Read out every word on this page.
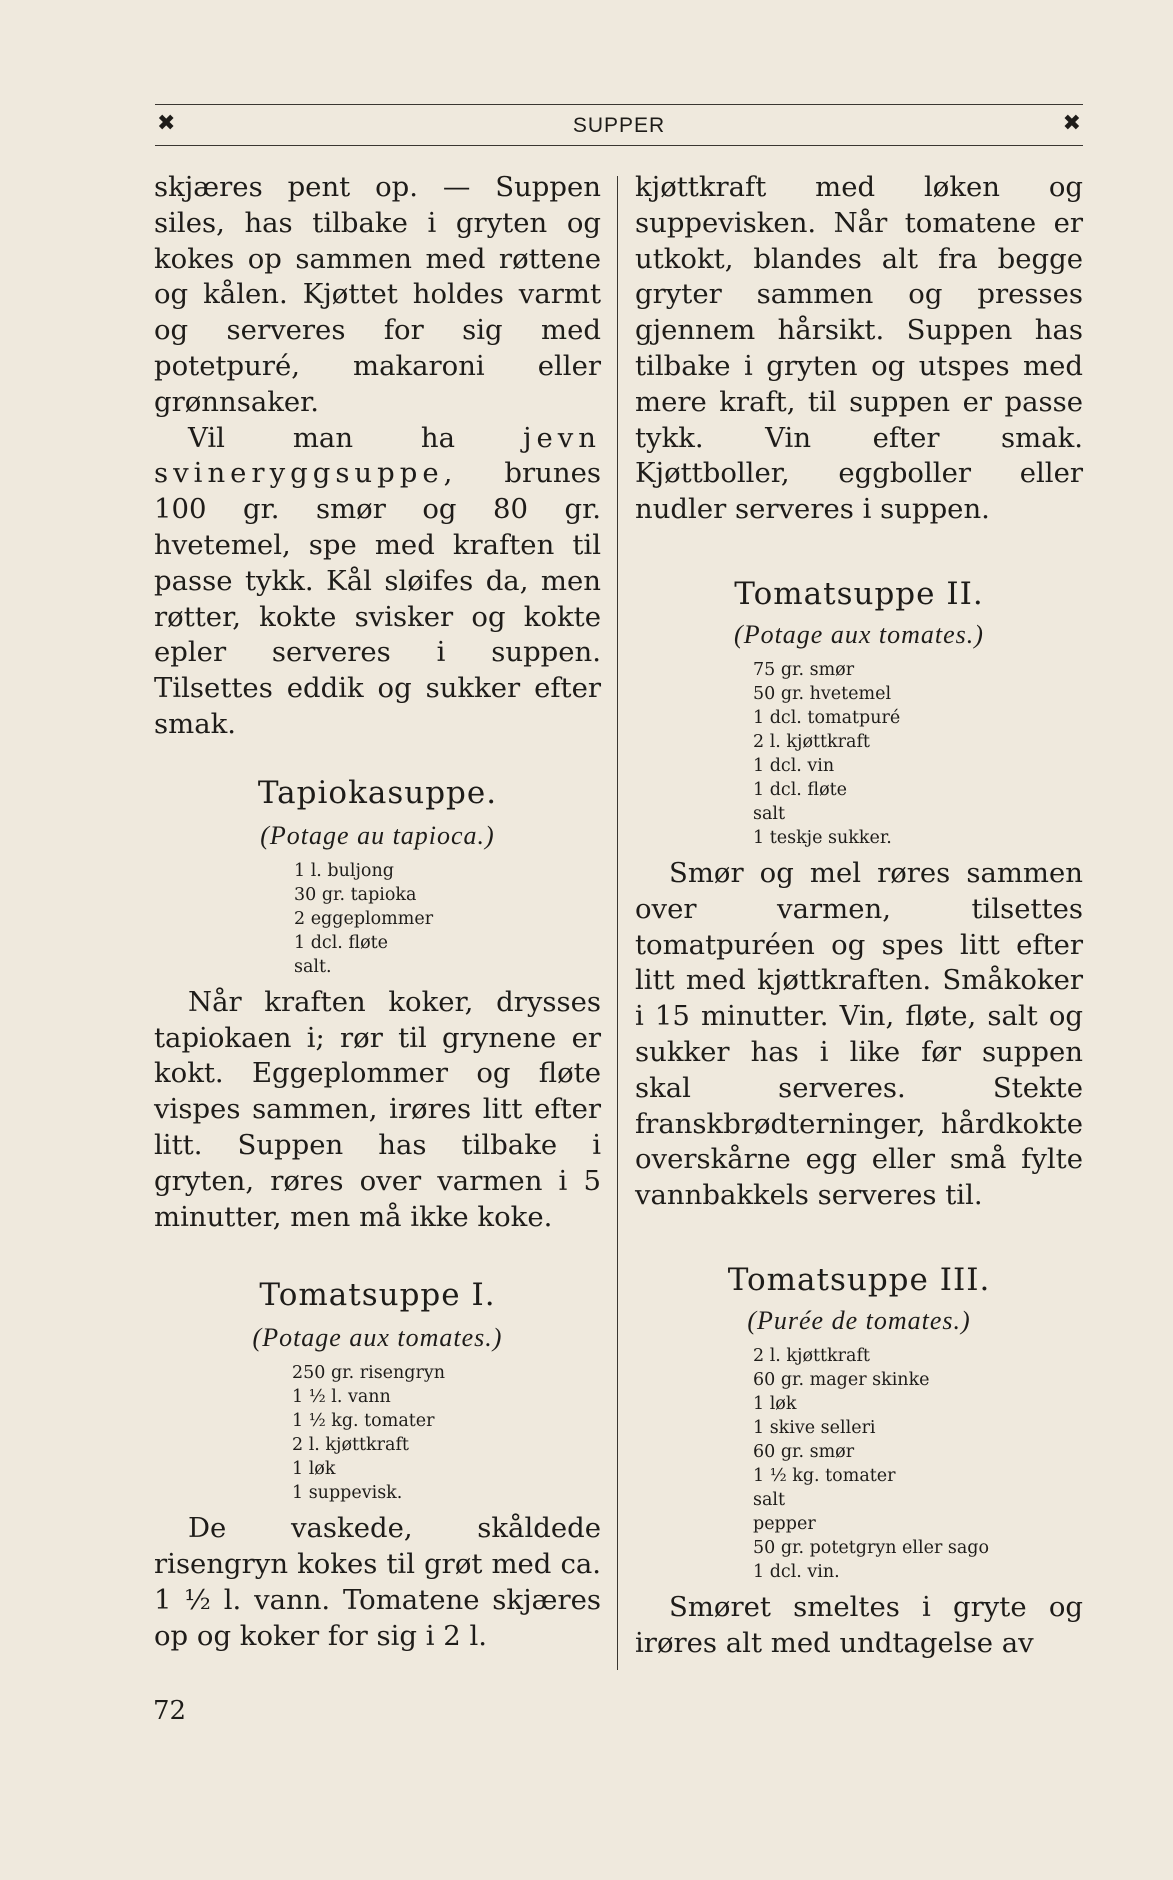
✖	SUPPER	✖

skjæres pent op. — Suppen siles, has tilbake i gryten og kokes op sammen med røttene og kålen. Kjøttet holdes varmt og serveres for sig med potetpuré, makaroni eller grønnsaker.

Vil man ha jevn svineryggsuppe, brunes 100 gr. smør og 80 gr. hvetemel, spe med kraften til passe tykk. Kål sløifes da, men røtter, kokte svisker og kokte epler serveres i suppen. Tilsettes eddik og sukker efter smak.

Tapiokasuppe.
(Potage au tapioca.)
1 l. buljong
30 gr. tapioka
2 eggeplommer
1 dcl. fløte
salt.

Når kraften koker, drysses tapiokaen i; rør til grynene er kokt. Eggeplommer og fløte vispes sammen, irøres litt efter litt. Suppen has tilbake i gryten, røres over varmen i 5 minutter, men må ikke koke.

Tomatsuppe I.
(Potage aux tomates.)
250 gr. risengryn
1 ½ l. vann
1 ½ kg. tomater
2 l. kjøttkraft
1 løk
1 suppevisk.

De vaskede, skåldede risengryn kokes til grøt med ca. 1 ½ l. vann. Tomatene skjæres op og koker for sig i 2 l.

kjøttkraft med løken og suppevisken. Når tomatene er utkokt, blandes alt fra begge gryter sammen og presses gjennem hårsikt. Suppen has tilbake i gryten og utspes med mere kraft, til suppen er passe tykk. Vin efter smak. Kjøttboller, eggboller eller nudler serveres i suppen.

Tomatsuppe II.
(Potage aux tomates.)
75 gr. smør
50 gr. hvetemel
1 dcl. tomatpuré
2 l. kjøttkraft
1 dcl. vin
1 dcl. fløte
salt
1 teskje sukker.

Smør og mel røres sammen over varmen, tilsettes tomatpuréen og spes litt efter litt med kjøttkraften. Småkoker i 15 minutter. Vin, fløte, salt og sukker has i like før suppen skal serveres. Stekte franskbrødterninger, hårdkokte overskårne egg eller små fylte vannbakkels serveres til.

Tomatsuppe III.
(Purée de tomates.)
2 l. kjøttkraft
60 gr. mager skinke
1 løk
1 skive selleri
60 gr. smør
1 ½ kg. tomater
salt
pepper
50 gr. potetgryn eller sago
1 dcl. vin.

Smøret smeltes i gryte og irøres alt med undtagelse av

72
